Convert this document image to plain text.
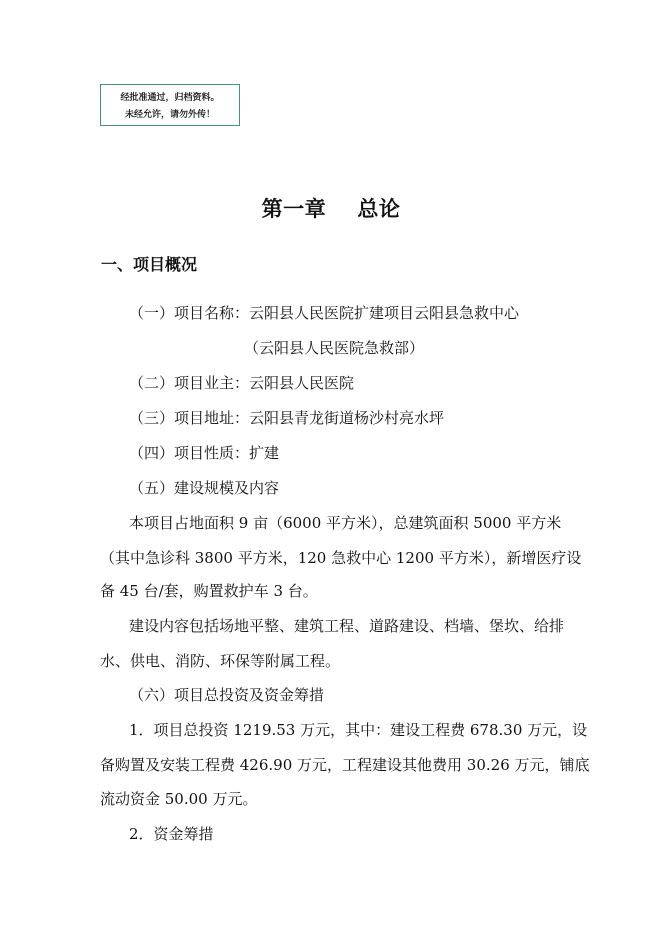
经批准通过，归档资料。
未经允许，请勿外传！
第一章    总论
一、项目概况
（一）项目名称：云阳县人民医院扩建项目云阳县急救中心
（云阳县人民医院急救部）
（二）项目业主：云阳县人民医院
（三）项目地址：云阳县青龙街道杨沙村亮水坪
（四）项目性质：扩建
（五）建设规模及内容
本项目占地面积 9 亩（6000 平方米），总建筑面积 5000 平方米
（其中急诊科 3800 平方米，120 急救中心 1200 平方米），新增医疗设
备 45 台/套，购置救护车 3 台。
建设内容包括场地平整、建筑工程、道路建设、档墙、堡坎、给排
水、供电、消防、环保等附属工程。
（六）项目总投资及资金筹措
1．项目总投资 1219.53 万元，其中：建设工程费 678.30 万元，设
备购置及安装工程费 426.90 万元，工程建设其他费用 30.26 万元，铺底
流动资金 50.00 万元。
2．资金筹措
